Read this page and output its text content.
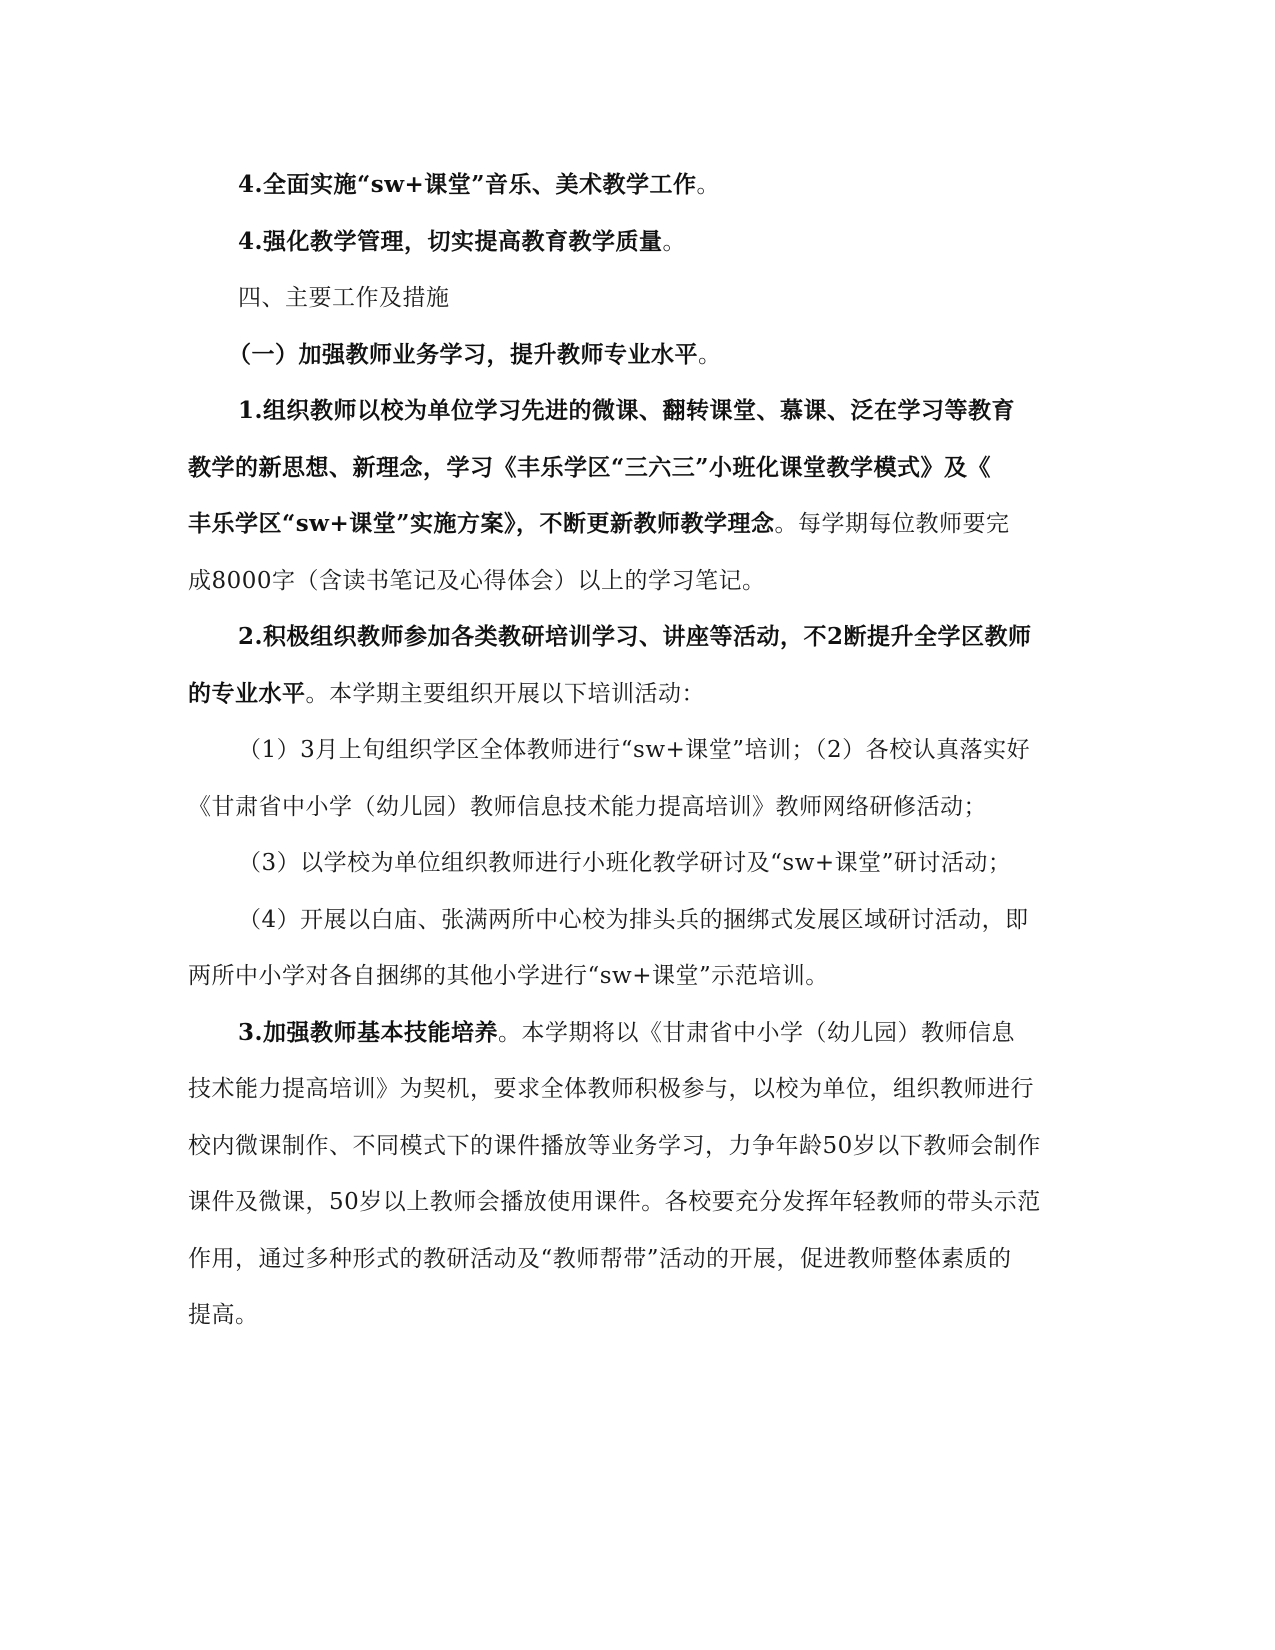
4.全面实施“sw+课堂”音乐、美术教学工作。
4.强化教学管理，切实提高教育教学质量。
四、主要工作及措施
（一）加强教师业务学习，提升教师专业水平。
1.组织教师以校为单位学习先进的微课、翻转课堂、慕课、泛在学习等教育
教学的新思想、新理念，学习《丰乐学区“三六三”小班化课堂教学模式》及《
丰乐学区“sw+课堂”实施方案》，不断更新教师教学理念。每学期每位教师要完
成8000字（含读书笔记及心得体会）以上的学习笔记。
2.积极组织教师参加各类教研培训学习、讲座等活动，不2断提升全学区教师
的专业水平。本学期主要组织开展以下培训活动：
（1）3月上旬组织学区全体教师进行“sw+课堂”培训；（2）各校认真落实好
《甘肃省中小学（幼儿园）教师信息技术能力提高培训》教师网络研修活动；
（3）以学校为单位组织教师进行小班化教学研讨及“sw+课堂”研讨活动；
（4）开展以白庙、张满两所中心校为排头兵的捆绑式发展区域研讨活动，即
两所中小学对各自捆绑的其他小学进行“sw+课堂”示范培训。
3.加强教师基本技能培养。本学期将以《甘肃省中小学（幼儿园）教师信息
技术能力提高培训》为契机，要求全体教师积极参与，以校为单位，组织教师进行
校内微课制作、不同模式下的课件播放等业务学习，力争年龄50岁以下教师会制作
课件及微课，50岁以上教师会播放使用课件。各校要充分发挥年轻教师的带头示范
作用，通过多种形式的教研活动及“教师帮带”活动的开展，促进教师整体素质的
提高。
